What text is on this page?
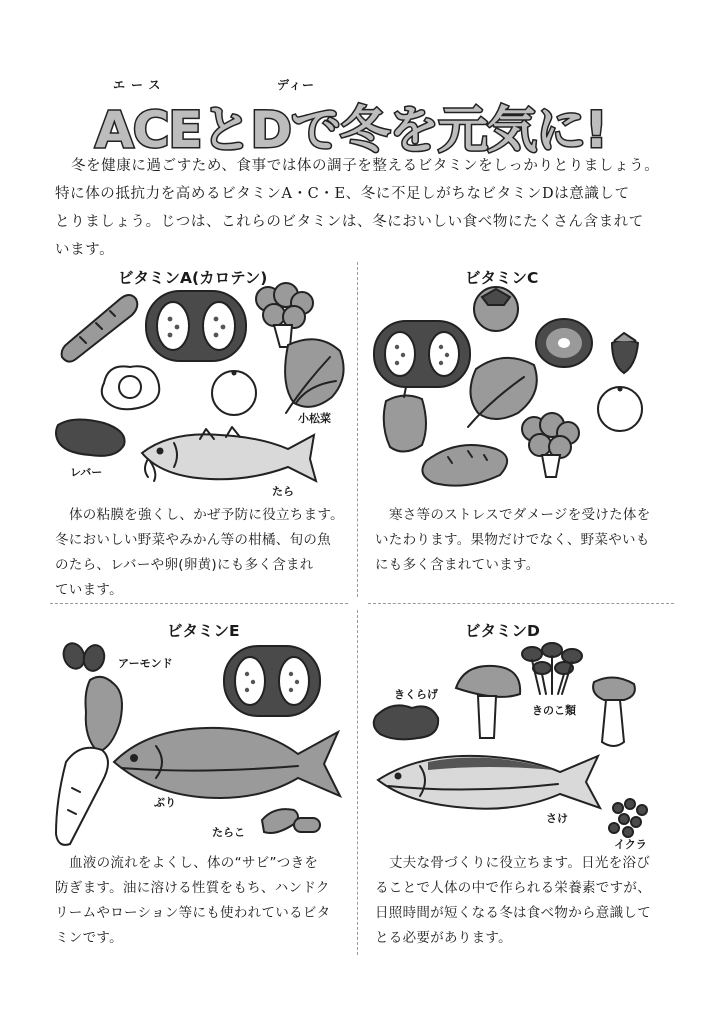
エース	ディー
ACEとDで冬を元気に!

冬を健康に過ごすため、食事では体の調子を整えるビタミンをしっかりとりましょう。

特に体の抵抗力を高めるビタミンA・C・E、冬に不足しがちなビタミンDは意識して

とりましょう。じつは、これらのビタミンは、冬においしい食べ物にたくさん含まれて

います。

ビタミンA(カロテン)	ビタミンC
ビタミンE	ビタミンD
小松菜
レバー
たら
アーモンド
ぶり
たらこ
きくらげ
きのこ類
さけ
イクラ

体の粘膜を強くし、かぜ予防に役立ちます。

冬においしい野菜やみかん等の柑橘、旬の魚

のたら、レバーや卵(卵黄)にも多く含まれ

ています。

寒さ等のストレスでダメージを受けた体を

いたわります。果物だけでなく、野菜やいも

にも多く含まれています。

血液の流れをよくし、体の“サビ”つきを

防ぎます。油に溶ける性質をもち、ハンドク

リームやローション等にも使われているビタ

ミンです。

丈夫な骨づくりに役立ちます。日光を浴び

ることで人体の中で作られる栄養素ですが、

日照時間が短くなる冬は食べ物から意識して

とる必要があります。
